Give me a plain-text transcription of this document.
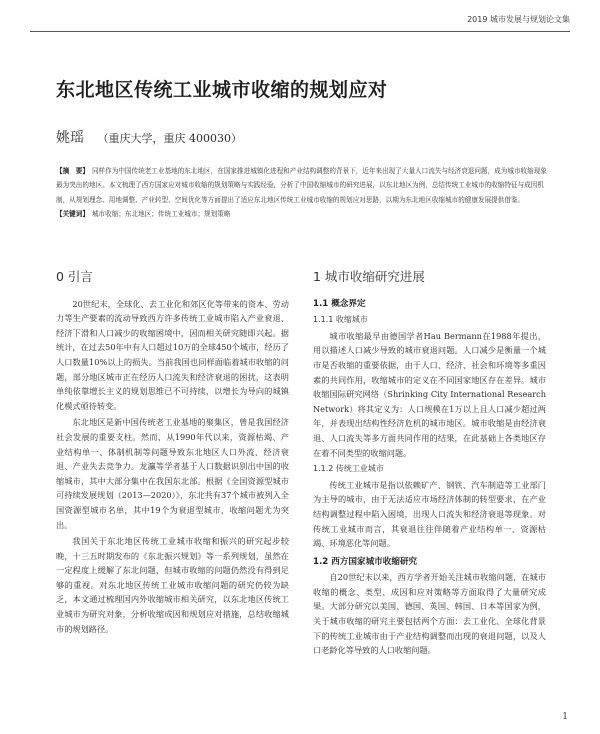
2019 城市发展与规划论文集
东北地区传统工业城市收缩的规划应对
姚瑶 （重庆大学，重庆 400030）

【摘　要】 同样作为中国传统老工业基地的东北地区，在国家推进城镇化进程和产业结构调整的背景下，近年来出现了大量人口流失与经济衰退问题，成为城市收缩现象最为突出的地区。本文梳理了西方国家应对城市收缩的规划策略与实践经验，分析了中国收缩城市的研究进展，以东北地区为例，总结传统工业城市的收缩特征与成因机制，从规划理念、用地调整、产业转型、空间优化等方面提出了适应东北地区传统工业城市收缩的规划应对思路，以期为东北地区收缩城市的健康发展提供借鉴。

【关键词】 城市收缩；东北地区；传统工业城市；规划策略

0 引言

20世纪末，全球化、去工业化和郊区化等带来的资本、劳动力等生产要素的流动导致西方许多传统工业城市陷入产业衰退、经济下滑和人口减少的收缩困境中，因而相关研究随即兴起。据统计，在过去50年中有人口超过10万的全球450个城市，经历了人口数量10%以上的损失。当前我国也同样面临着城市收缩的问题，部分地区城市正在经历人口流失和经济衰退的困扰，这表明单纯依靠增长主义的规划思维已不可持续，以增长为导向的城镇化模式亟待转变。

东北地区是新中国传统老工业基地的聚集区，曾是我国经济社会发展的重要支柱。然而，从1990年代以来，资源枯竭、产业结构单一、体制机制等问题导致东北地区人口外流、经济衰退、产业失去竞争力。龙瀛等学者基于人口数据识别出中国的收缩城市，其中大部分集中在我国东北部。根据《全国资源型城市可持续发展规划（2013—2020）》，东北共有37个城市被列入全国资源型城市名单，其中19个为衰退型城市，收缩问题尤为突出。

我国关于东北地区传统工业城市收缩和振兴的研究起步较晚，十三五时期发布的《东北振兴规划》等一系列规划，虽然在一定程度上缓解了东北问题，但城市收缩的问题仍然没有得到足够的重视。对东北地区传统工业城市收缩问题的研究仍较为缺乏，本文通过梳理国内外收缩城市相关研究，以东北地区传统工业城市为研究对象，分析收缩成因和规划应对措施，总结收缩城市的规划路径。

1 城市收缩研究进展
1.1 概念界定
1.1.1 收缩城市

城市收缩最早由德国学者Hau Bermann在1988年提出，用以描述人口减少导致的城市衰退问题。人口减少是衡量一个城市是否收缩的重要依据，由于人口、经济、社会和环境等多重因素的共同作用，收缩城市的定义在不同国家地区存在差异。城市收缩国际研究网络（Shrinking City International Research Network）将其定义为：人口规模在1万以上且人口减少超过两年，并表现出结构性经济危机的城市地区。城市收缩是由经济衰退、人口流失等多方面共同作用的结果，在此基础上各类地区存在着不同类型的收缩问题。

1.1.2 传统工业城市

传统工业城市是指以依赖矿产、钢铁、汽车制造等工业部门为主导的城市，由于无法适应市场经济体制的转型要求，在产业结构调整过程中陷入困境，出现人口流失和经济衰退等现象。对传统工业城市而言，其衰退往往伴随着产业结构单一、资源枯竭、环境恶化等问题。

1.2 西方国家城市收缩研究

自20世纪末以来，西方学者开始关注城市收缩问题，在城市收缩的概念、类型、成因和应对策略等方面取得了大量研究成果。大部分研究以美国、德国、英国、韩国、日本等国家为例，关于城市收缩的研究主要包括两个方面：去工业化、全球化背景下的传统工业城市由于产业结构调整而出现的衰退问题，以及人口老龄化等导致的人口收缩问题。

1
